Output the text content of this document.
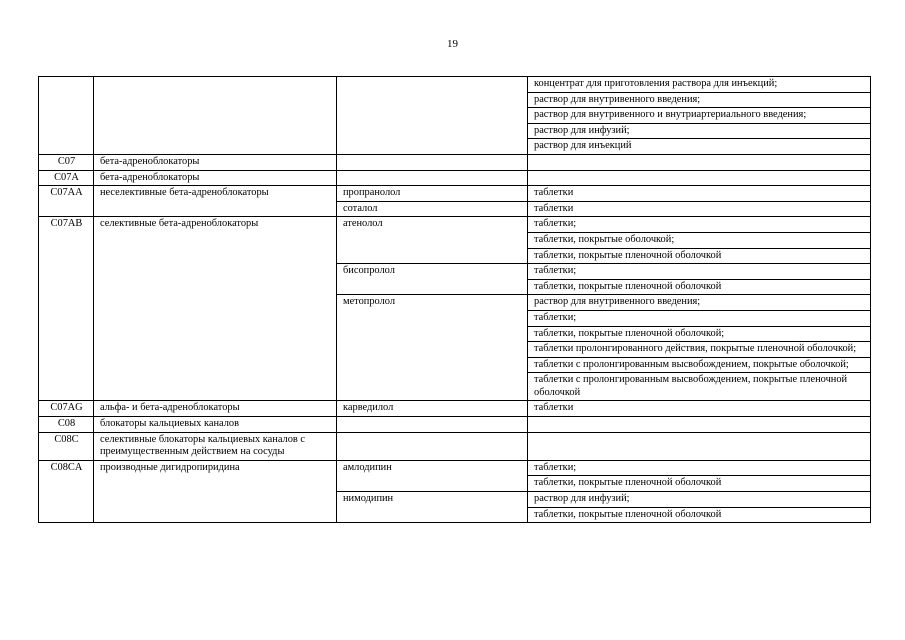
19
			концентрат для приготовления раствора для инъекций;
			раствор для внутривенного введения;
			раствор для внутривенного и внутриартериального введения;
			раствор для инфузий;
			раствор для инъекций
C07	бета-адреноблокаторы		
C07A	бета-адреноблокаторы		
C07AA	неселективные бета-адреноблокаторы	пропранолол	таблетки
		соталол	таблетки
C07AB	селективные бета-адреноблокаторы	атенолол	таблетки;
			таблетки, покрытые оболочкой;
			таблетки, покрытые пленочной оболочкой
		бисопролол	таблетки;
			таблетки, покрытые пленочной оболочкой
		метопролол	раствор для внутривенного введения;
			таблетки;
			таблетки, покрытые пленочной оболочкой;
			таблетки пролонгированного действия, покрытые пленочной оболочкой;
			таблетки с пролонгированным высвобождением, покрытые оболочкой;
			таблетки с пролонгированным высвобождением, покрытые пленочной оболочкой
C07AG	альфа- и бета-адреноблокаторы	карведилол	таблетки
C08	блокаторы кальциевых каналов		
C08C	селективные блокаторы кальциевых каналов с преимущественным действием на сосуды		
C08CA	производные дигидропиридина	амлодипин	таблетки;
			таблетки, покрытые пленочной оболочкой
		нимодипин	раствор для инфузий;
			таблетки, покрытые пленочной оболочкой
